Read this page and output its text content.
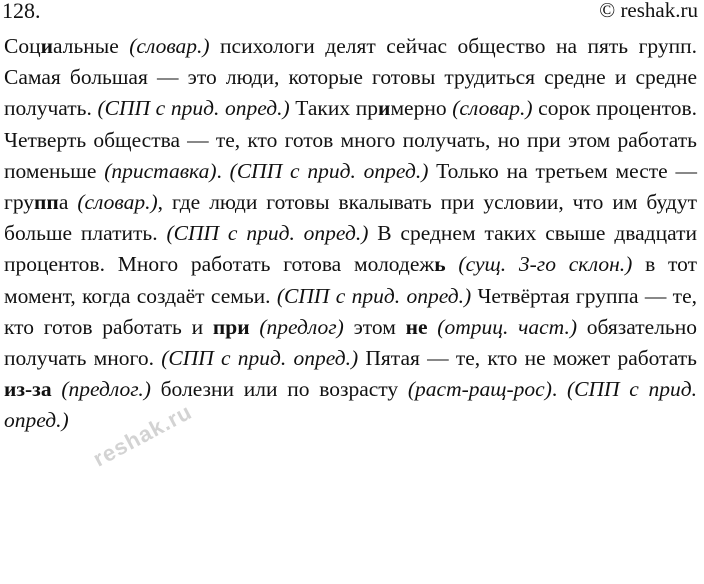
128.	© reshak.ru
Социальные (словар.) психологи делят сейчас общество на пять групп. Самая большая — это люди, которые готовы трудиться средне и средне получать. (СПП с прид. опред.) Таких примерно (словар.) сорок процентов. Четверть общества — те, кто готов много получать, но при этом работать поменьше (приставка). (СПП с прид. опред.) Только на третьем месте — группа (словар.), где люди готовы вкалывать при условии, что им будут больше платить. (СПП с прид. опред.) В среднем таких свыше двадцати процентов. Много работать готова молодежь (сущ. 3-го склон.) в тот момент, когда создаёт семьи. (СПП с прид. опред.) Четвёртая группа — те, кто готов работать и при (предлог) этом не (отриц. част.) обязательно получать много. (СПП с прид. опред.) Пятая — те, кто не может работать из-за (предлог.) болезни или по возрасту (раст-ращ-рос). (СПП с прид. опред.) reshak.ru
